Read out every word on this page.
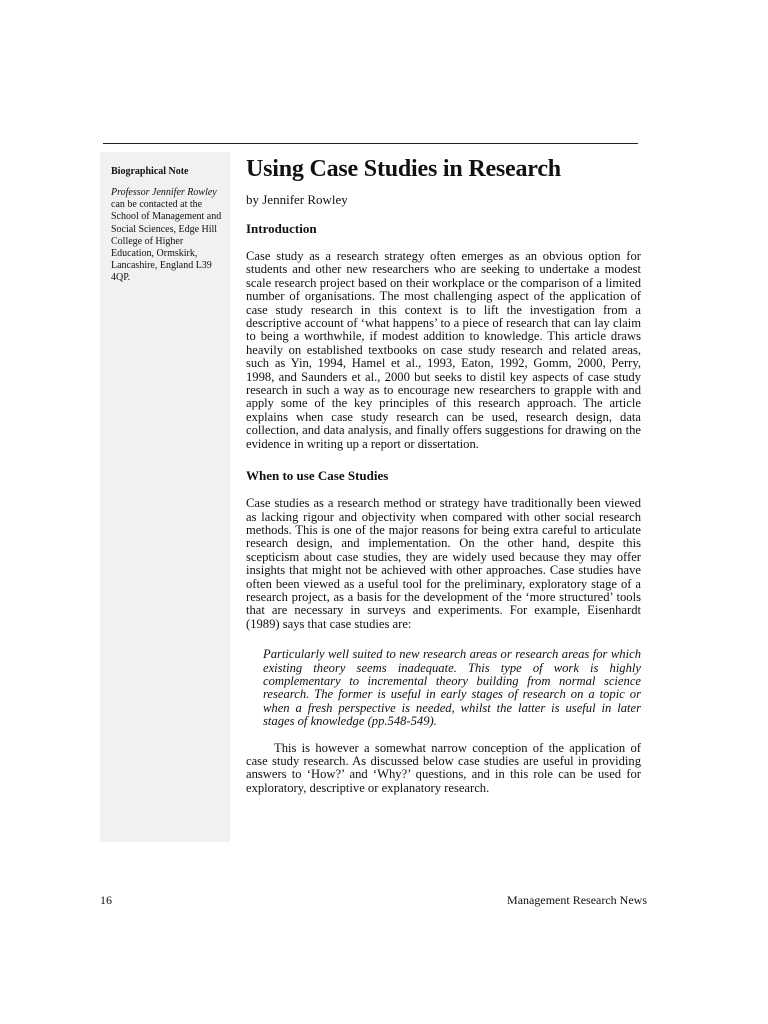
Biographical Note

Professor Jennifer Rowley can be contacted at the School of Management and Social Sciences, Edge Hill College of Higher Education, Ormskirk, Lancashire, England L39 4QP.

Using Case Studies in Research

by Jennifer Rowley

Introduction

Case study as a research strategy often emerges as an obvious option for students and other new researchers who are seeking to undertake a modest scale research project based on their workplace or the comparison of a limited number of organisations. The most challenging aspect of the application of case study research in this context is to lift the investigation from a descriptive account of ‘what happens’ to a piece of research that can lay claim to being a worthwhile, if modest addition to knowledge. This article draws heavily on established textbooks on case study research and related areas, such as Yin, 1994, Hamel et al., 1993, Eaton, 1992, Gomm, 2000, Perry, 1998, and Saunders et al., 2000 but seeks to distil key aspects of case study research in such a way as to encourage new researchers to grapple with and apply some of the key principles of this research approach. The article explains when case study research can be used, research design, data collection, and data analysis, and finally offers suggestions for drawing on the evidence in writing up a report or dissertation.

When to use Case Studies

Case studies as a research method or strategy have traditionally been viewed as lacking rigour and objectivity when compared with other social research methods. This is one of the major reasons for being extra careful to articulate research design, and implementation. On the other hand, despite this scepticism about case studies, they are widely used because they may offer insights that might not be achieved with other approaches. Case studies have often been viewed as a useful tool for the preliminary, exploratory stage of a research project, as a basis for the development of the ‘more structured’ tools that are necessary in surveys and experiments. For example, Eisenhardt (1989) says that case studies are:

Particularly well suited to new research areas or research areas for which existing theory seems inadequate. This type of work is highly complementary to incremental theory building from normal science research. The former is useful in early stages of research on a topic or when a fresh perspective is needed, whilst the latter is useful in later stages of knowledge (pp.548-549).

This is however a somewhat narrow conception of the application of case study research. As discussed below case studies are useful in providing answers to ‘How?’ and ‘Why?’ questions, and in this role can be used for exploratory, descriptive or explanatory research.

16	Management Research News
